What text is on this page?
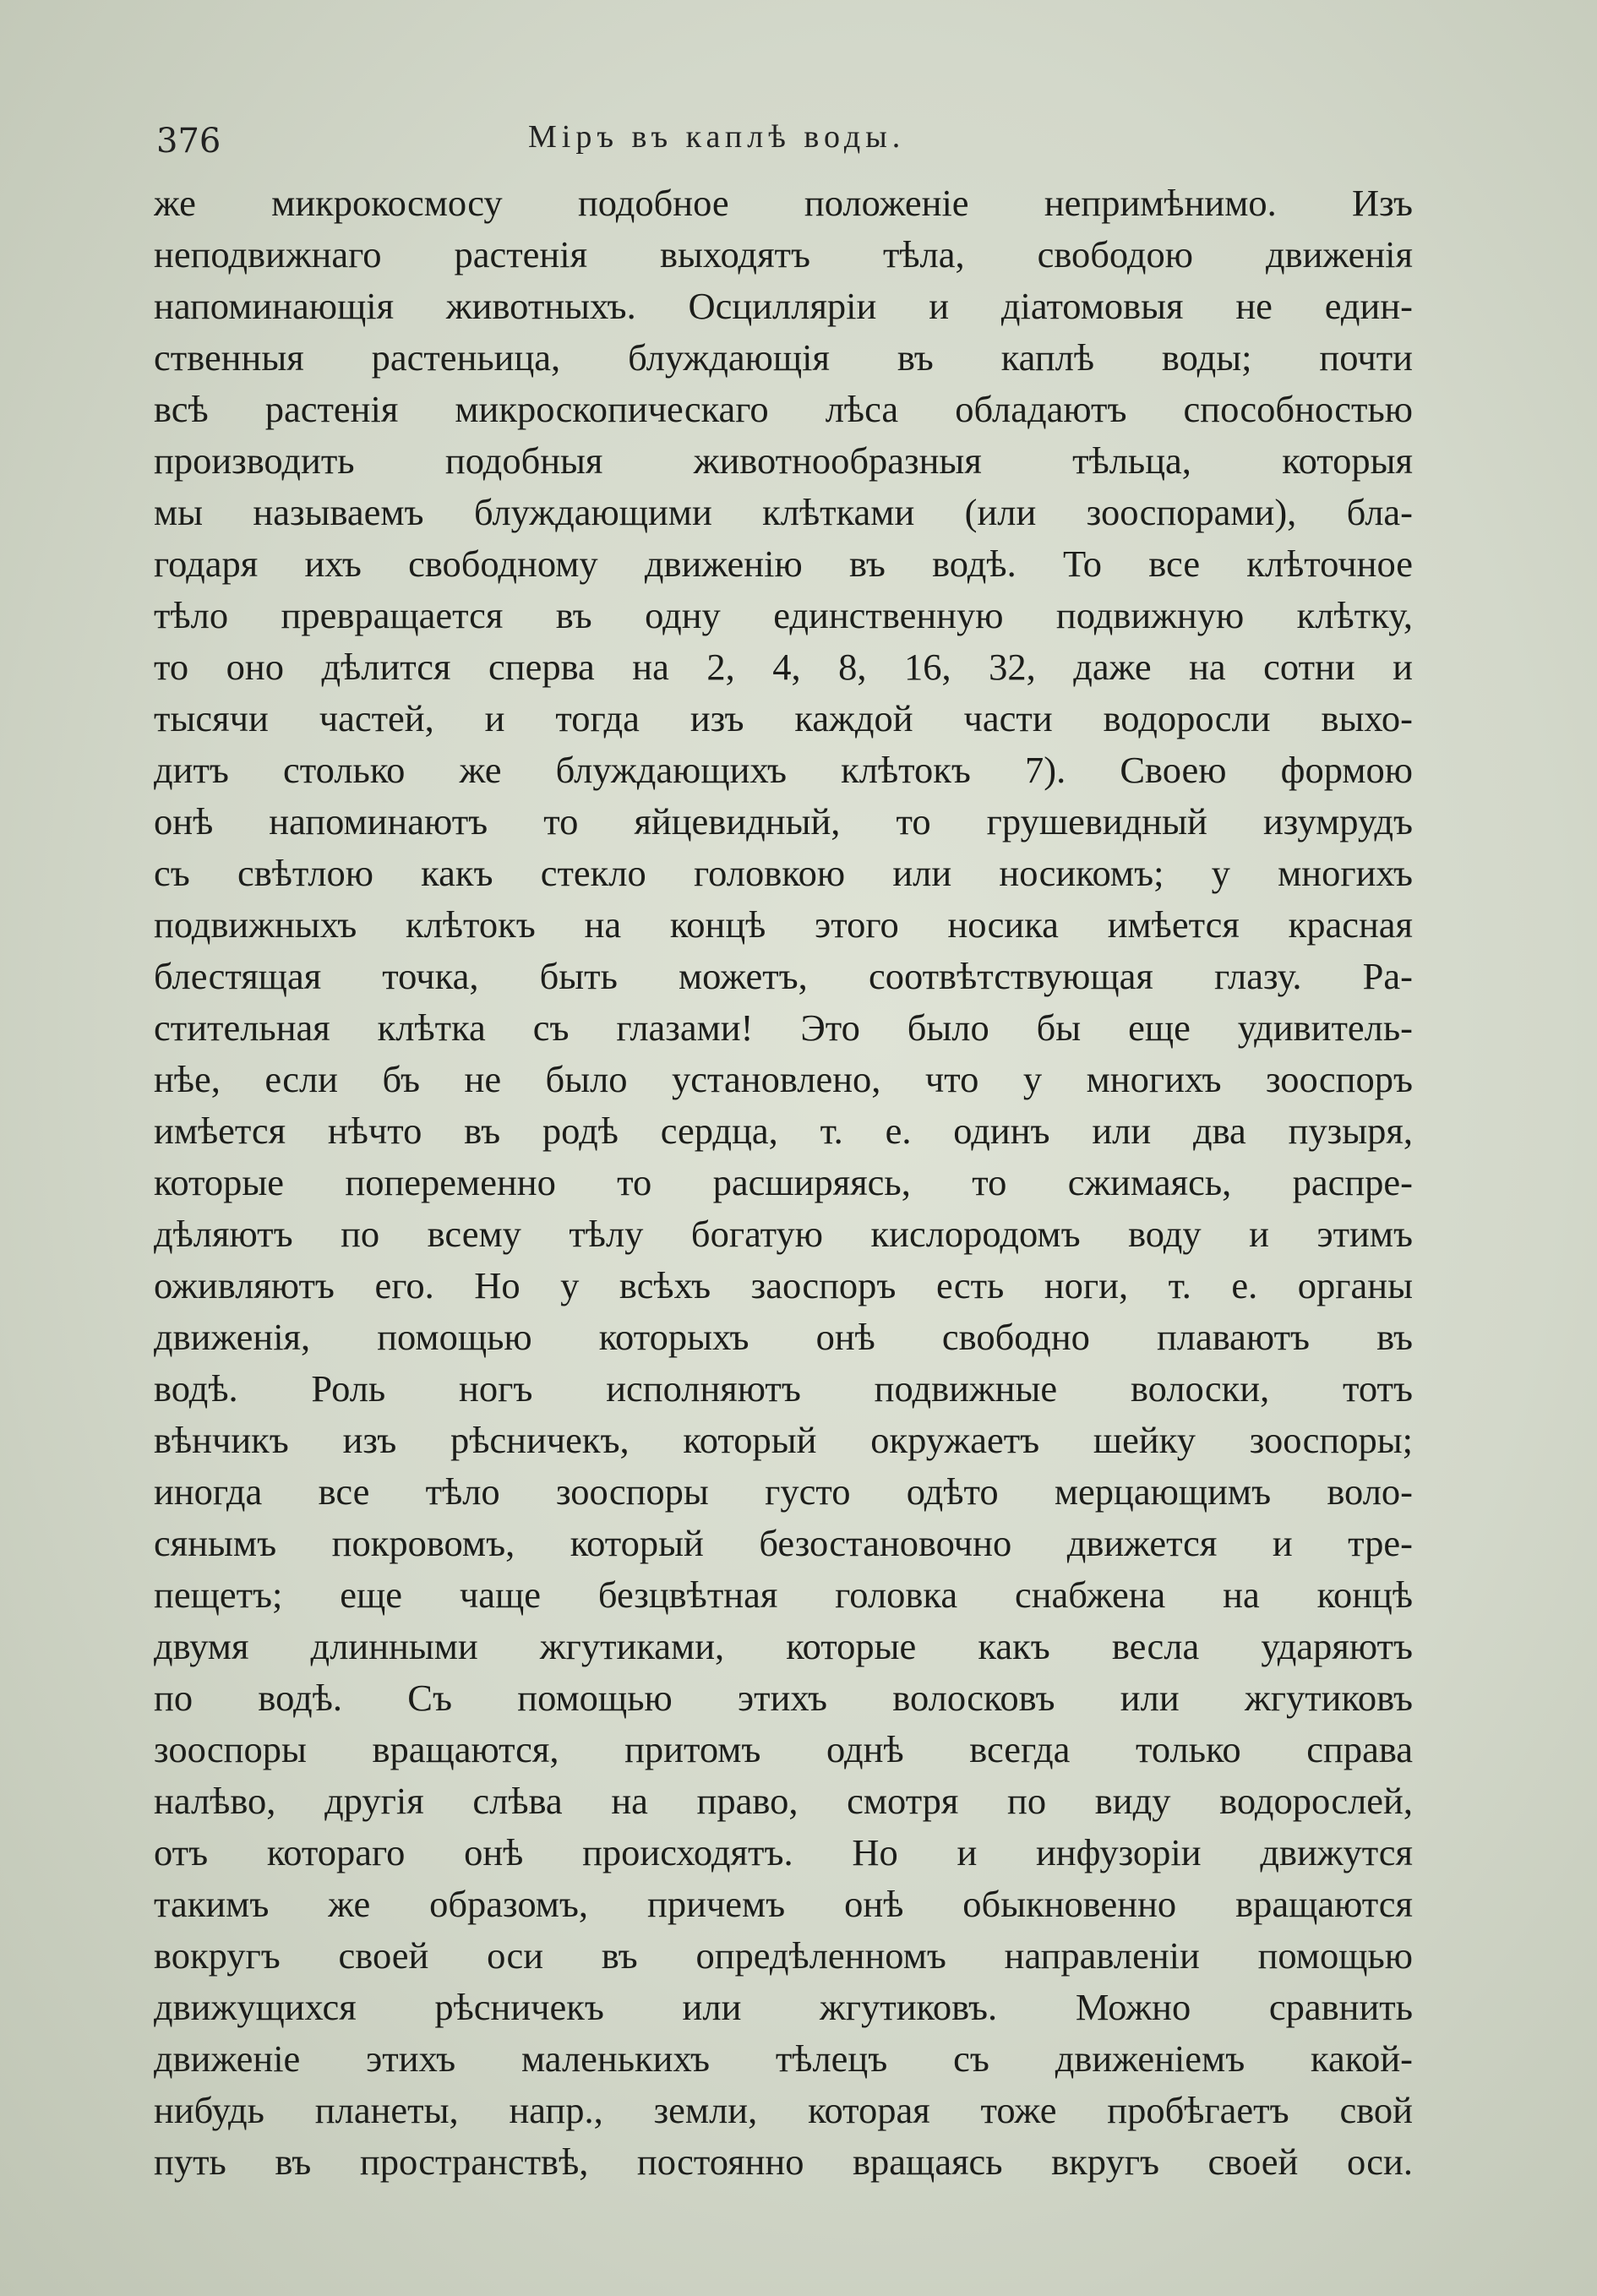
376	Міръ въ каплѣ воды.
же микрокосмосу подобное положеніе непримѣнимо. Изъ
неподвижнаго растенія выходятъ тѣла, свободою движенія
напоминающія животныхъ. Осцилляріи и діатомовыя не един-
ственныя растеньица, блуждающія въ каплѣ воды; почти
всѣ растенія микроскопическаго лѣса обладаютъ способностью
производить подобныя животнообразныя тѣльца, которыя
мы называемъ блуждающими клѣтками (или зооспорами), бла-
годаря ихъ свободному движенію въ водѣ. То все клѣточное
тѣло превращается въ одну единственную подвижную клѣтку,
то оно дѣлится сперва на 2, 4, 8, 16, 32, даже на сотни и
тысячи частей, и тогда изъ каждой части водоросли выхо-
дитъ столько же блуждающихъ клѣтокъ 7). Своею формою
онѣ напоминаютъ то яйцевидный, то грушевидный изумрудъ
съ свѣтлою какъ стекло головкою или носикомъ; у многихъ
подвижныхъ клѣтокъ на концѣ этого носика имѣется красная
блестящая точка, быть можетъ, соотвѣтствующая глазу. Ра-
стительная клѣтка съ глазами! Это было бы еще удивитель-
нѣе, если бъ не было установлено, что у многихъ зооспоръ
имѣется нѣчто въ родѣ сердца, т. е. одинъ или два пузыря,
которые попеременно то расширяясь, то сжимаясь, распре-
дѣляютъ по всему тѣлу богатую кислородомъ воду и этимъ
оживляютъ его. Но у всѣхъ заоспоръ есть ноги, т. е. органы
движенія, помощью которыхъ онѣ свободно плаваютъ въ
водѣ. Роль ногъ исполняютъ подвижные волоски, тотъ
вѣнчикъ изъ рѣсничекъ, который окружаетъ шейку зооспоры;
иногда все тѣло зооспоры густо одѣто мерцающимъ воло-
сянымъ покровомъ, который безостановочно движется и тре-
пещетъ; еще чаще безцвѣтная головка снабжена на концѣ
двумя длинными жгутиками, которые какъ весла ударяютъ
по водѣ. Съ помощью этихъ волосковъ или жгутиковъ
зооспоры вращаются, притомъ однѣ всегда только справа
налѣво, другія слѣва на право, смотря по виду водорослей,
отъ котораго онѣ происходятъ. Но и инфузоріи движутся
такимъ же образомъ, причемъ онѣ обыкновенно вращаются
вокругъ своей оси въ опредѣленномъ направленіи помощью
движущихся рѣсничекъ или жгутиковъ. Можно сравнить
движеніе этихъ маленькихъ тѣлецъ съ движеніемъ какой-
нибудь планеты, напр., земли, которая тоже пробѣгаетъ свой
путь въ пространствѣ, постоянно вращаясь вкругъ своей оси.
